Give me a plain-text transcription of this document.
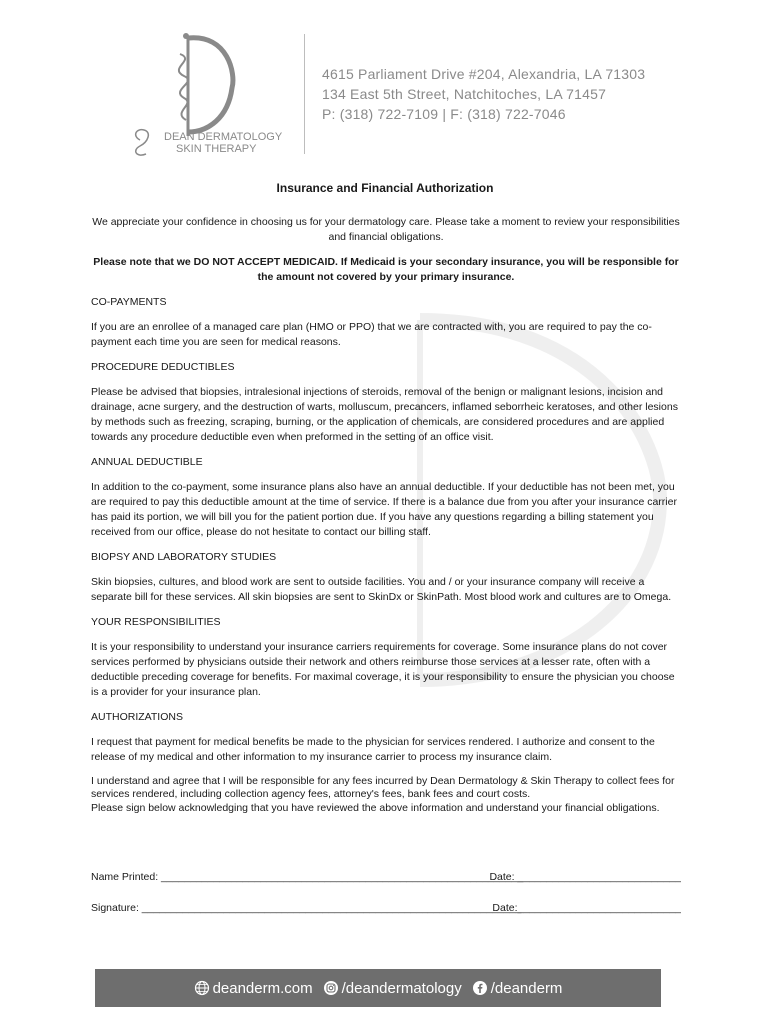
DEAN DERMATOLOGY
SKIN THERAPY
4615 Parliament Drive #204, Alexandria, LA 71303
134 East 5th Street, Natchitoches, LA 71457
P: (318) 722-7109 | F: (318) 722-7046
Insurance and Financial Authorization

We appreciate your confidence in choosing us for your dermatology care. Please take a moment to review your responsibilities and financial obligations.

Please note that we DO NOT ACCEPT MEDICAID. If Medicaid is your secondary insurance, you will be responsible for the amount not covered by your primary insurance.

CO-PAYMENTS

If you are an enrollee of a managed care plan (HMO or PPO) that we are contracted with, you are required to pay the co-payment each time you are seen for medical reasons.

PROCEDURE DEDUCTIBLES

Please be advised that biopsies, intralesional injections of steroids, removal of the benign or malignant lesions, incision and drainage, acne surgery, and the destruction of warts, molluscum, precancers, inflamed seborrheic keratoses, and other lesions by methods such as freezing, scraping, burning, or the application of chemicals, are considered procedures and are applied towards any procedure deductible even when preformed in the setting of an office visit.

ANNUAL DEDUCTIBLE

In addition to the co-payment, some insurance plans also have an annual deductible. If your deductible has not been met, you are required to pay this deductible amount at the time of service. If there is a balance due from you after your insurance carrier has paid its portion, we will bill you for the patient portion due. If you have any questions regarding a billing statement you received from our office, please do not hesitate to contact our billing staff.

BIOPSY AND LABORATORY STUDIES

Skin biopsies, cultures, and blood work are sent to outside facilities. You and / or your insurance company will receive a separate bill for these services. All skin biopsies are sent to SkinDx or SkinPath. Most blood work and cultures are to Omega.

YOUR RESPONSIBILITIES

It is your responsibility to understand your insurance carriers requirements for coverage. Some insurance plans do not cover services performed by physicians outside their network and others reimburse those services at a lesser rate, often with a deductible preceding coverage for benefits. For maximal coverage, it is your responsibility to ensure the physician you choose is a provider for your insurance plan.

AUTHORIZATIONS

I request that payment for medical benefits be made to the physician for services rendered. I authorize and consent to the release of my medical and other information to my insurance carrier to process my insurance claim.

I understand and agree that I will be responsible for any fees incurred by Dean Dermatology & Skin Therapy to collect fees for services rendered, including collection agency fees, attorney's fees, bank fees and court costs.

Please sign below acknowledging that you have reviewed the above information and understand your financial obligations.

Name Printed: ______________________________________________________________
Date: ____________________________
Signature: _________________________________________________________________
Date:____________________________
deanderm.com /deandermatology /deanderm
